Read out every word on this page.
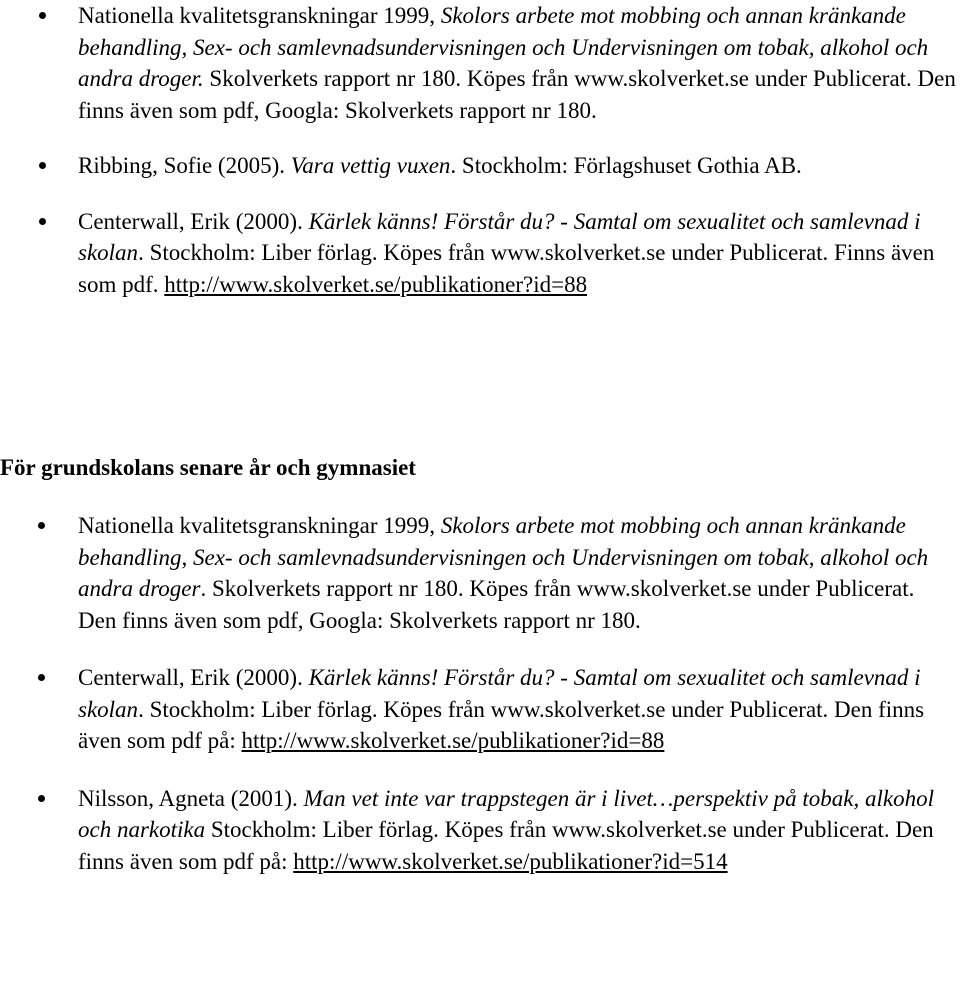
Nationella kvalitetsgranskningar 1999, Skolors arbete mot mobbing och annan kränkande behandling, Sex- och samlevnadsundervisningen och Undervisningen om tobak, alkohol och andra droger. Skolverkets rapport nr 180. Köpes från www.skolverket.se under Publicerat. Den finns även som pdf, Googla: Skolverkets rapport nr 180.
Ribbing, Sofie (2005). Vara vettig vuxen. Stockholm: Förlagshuset Gothia AB.
Centerwall, Erik (2000). Kärlek känns! Förstår du? - Samtal om sexualitet och samlevnad i skolan. Stockholm: Liber förlag. Köpes från www.skolverket.se under Publicerat. Finns även som pdf. http://www.skolverket.se/publikationer?id=88
För grundskolans senare år och gymnasiet
Nationella kvalitetsgranskningar 1999, Skolors arbete mot mobbing och annan kränkande behandling, Sex- och samlevnadsundervisningen och Undervisningen om tobak, alkohol och andra droger. Skolverkets rapport nr 180. Köpes från www.skolverket.se under Publicerat. Den finns även som pdf, Googla: Skolverkets rapport nr 180.
Centerwall, Erik (2000). Kärlek känns! Förstår du? - Samtal om sexualitet och samlevnad i skolan. Stockholm: Liber förlag. Köpes från www.skolverket.se under Publicerat. Den finns även som pdf på: http://www.skolverket.se/publikationer?id=88
Nilsson, Agneta (2001). Man vet inte var trappstegen är i livet…perspektiv på tobak, alkohol och narkotika Stockholm: Liber förlag. Köpes från www.skolverket.se under Publicerat. Den finns även som pdf på: http://www.skolverket.se/publikationer?id=514
